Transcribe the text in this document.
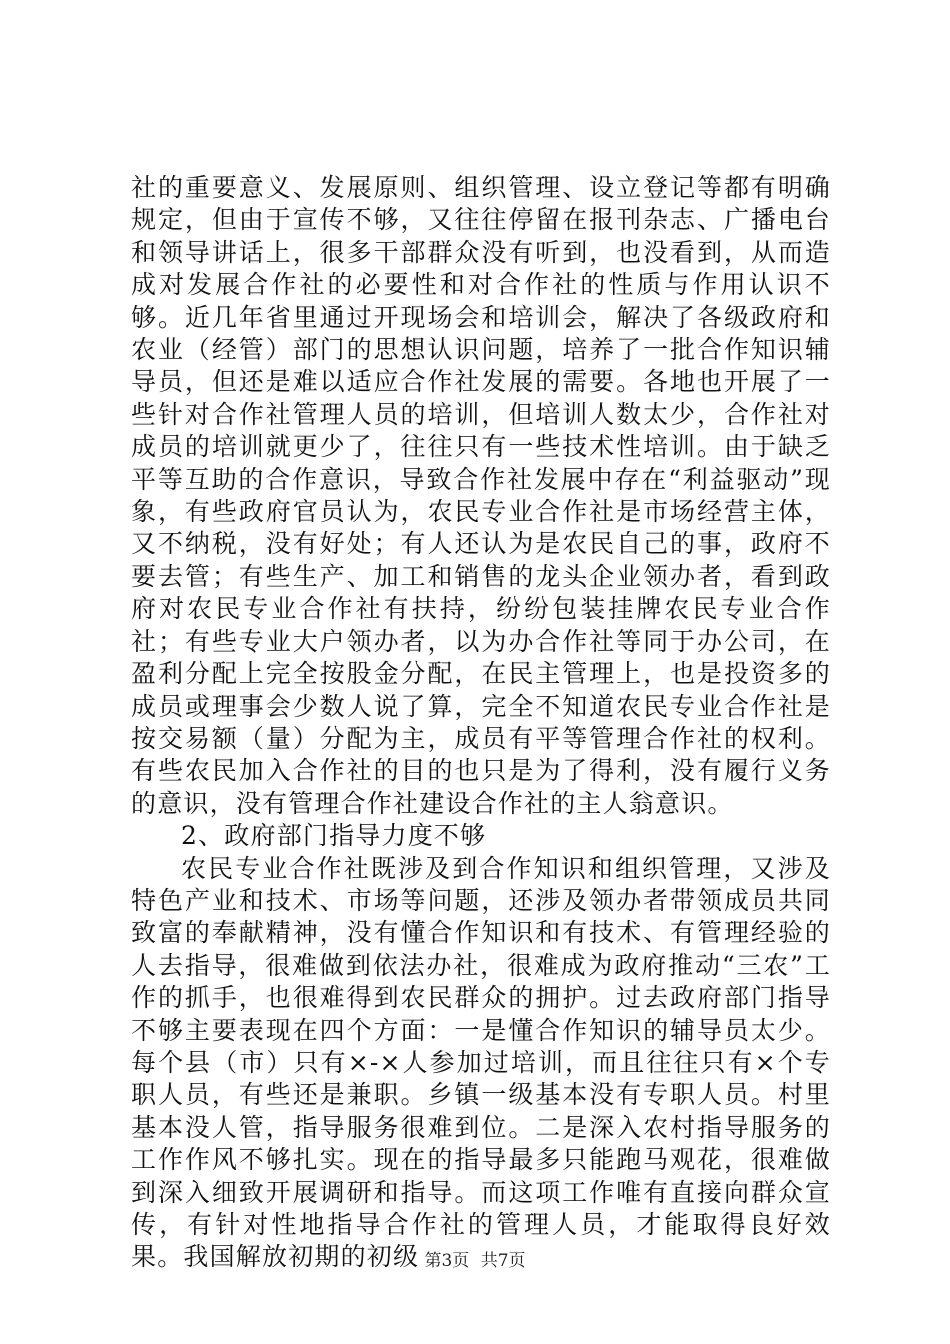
社的重要意义、发展原则、组织管理、设立登记等都有明确规定，但由于宣传不够，又往往停留在报刊杂志、广播电台和领导讲话上，很多干部群众没有听到，也没看到，从而造成对发展合作社的必要性和对合作社的性质与作用认识不够。近几年省里通过开现场会和培训会，解决了各级政府和农业（经管）部门的思想认识问题，培养了一批合作知识辅导员，但还是难以适应合作社发展的需要。各地也开展了一些针对合作社管理人员的培训，但培训人数太少，合作社对成员的培训就更少了，往往只有一些技术性培训。由于缺乏平等互助的合作意识，导致合作社发展中存在“利益驱动”现象，有些政府官员认为，农民专业合作社是市场经营主体，又不纳税，没有好处；有人还认为是农民自己的事，政府不要去管；有些生产、加工和销售的龙头企业领办者，看到政府对农民专业合作社有扶持，纷纷包装挂牌农民专业合作社；有些专业大户领办者，以为办合作社等同于办公司，在盈利分配上完全按股金分配，在民主管理上，也是投资多的成员或理事会少数人说了算，完全不知道农民专业合作社是按交易额（量）分配为主，成员有平等管理合作社的权利。有些农民加入合作社的目的也只是为了得利，没有履行义务的意识，没有管理合作社建设合作社的主人翁意识。

2、政府部门指导力度不够

农民专业合作社既涉及到合作知识和组织管理，又涉及特色产业和技术、市场等问题，还涉及领办者带领成员共同致富的奉献精神，没有懂合作知识和有技术、有管理经验的人去指导，很难做到依法办社，很难成为政府推动“三农”工作的抓手，也很难得到农民群众的拥护。过去政府部门指导不够主要表现在四个方面：一是懂合作知识的辅导员太少。每个县（市）只有×-×人参加过培训，而且往往只有×个专职人员，有些还是兼职。乡镇一级基本没有专职人员。村里基本没人管，指导服务很难到位。二是深入农村指导服务的工作作风不够扎实。现在的指导最多只能跑马观花，很难做到深入细致开展调研和指导。而这项工作唯有直接向群众宣传，有针对性地指导合作社的管理人员，才能取得良好效果。我国解放初期的初级 第3页 共7页
